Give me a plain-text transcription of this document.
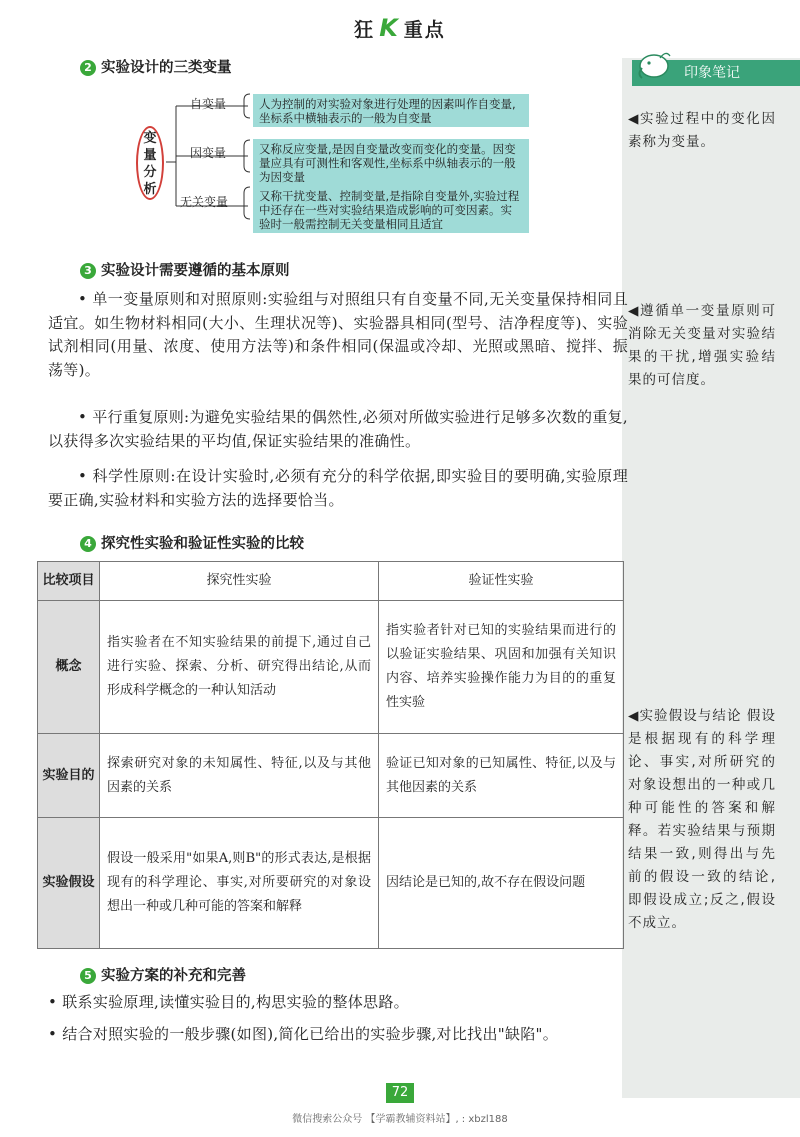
狂 K 重点
印象笔记
◀实验过程中的变化因素称为变量。
◀遵循单一变量原则可消除无关变量对实验结果的干扰,增强实验结果的可信度。
◀实验假设与结论 假设是根据现有的科学理论、事实,对所研究的对象设想出的一种或几种可能性的答案和解释。若实验结果与预期结果一致,则得出与先前的假设一致的结论,即假设成立;反之,假设不成立。
2 实验设计的三类变量
变
量
分
析
自变量
因变量
无关变量
人为控制的对实验对象进行处理的因素叫作自变量,坐标系中横轴表示的一般为自变量
又称反应变量,是因自变量改变而变化的变量。因变量应具有可测性和客观性,坐标系中纵轴表示的一般为因变量
又称干扰变量、控制变量,是指除自变量外,实验过程中还存在一些对实验结果造成影响的可变因素。实验时一般需控制无关变量相同且适宜
3 实验设计需要遵循的基本原则
• 单一变量原则和对照原则:实验组与对照组只有自变量不同,无关变量保持相同且适宜。如生物材料相同(大小、生理状况等)、实验器具相同(型号、洁净程度等)、实验试剂相同(用量、浓度、使用方法等)和条件相同(保温或冷却、光照或黑暗、搅拌、振荡等)。
• 平行重复原则:为避免实验结果的偶然性,必须对所做实验进行足够多次数的重复,以获得多次实验结果的平均值,保证实验结果的准确性。
• 科学性原则:在设计实验时,必须有充分的科学依据,即实验目的要明确,实验原理要正确,实验材料和实验方法的选择要恰当。
4 探究性实验和验证性实验的比较
比较项目	探究性实验	验证性实验
概念	指实验者在不知实验结果的前提下,通过自己进行实验、探索、分析、研究得出结论,从而形成科学概念的一种认知活动	指实验者针对已知的实验结果而进行的以验证实验结果、巩固和加强有关知识内容、培养实验操作能力为目的的重复性实验
实验目的	探索研究对象的未知属性、特征,以及与其他因素的关系	验证已知对象的已知属性、特征,以及与其他因素的关系
实验假设	假设一般采用"如果A,则B"的形式表达,是根据现有的科学理论、事实,对所要研究的对象设想出一种或几种可能的答案和解释	因结论是已知的,故不存在假设问题
5 实验方案的补充和完善
• 联系实验原理,读懂实验目的,构思实验的整体思路。
• 结合对照实验的一般步骤(如图),简化已给出的实验步骤,对比找出"缺陷"。
72
微信搜索公众号 【学霸教辅资料站】, : xbzl188
